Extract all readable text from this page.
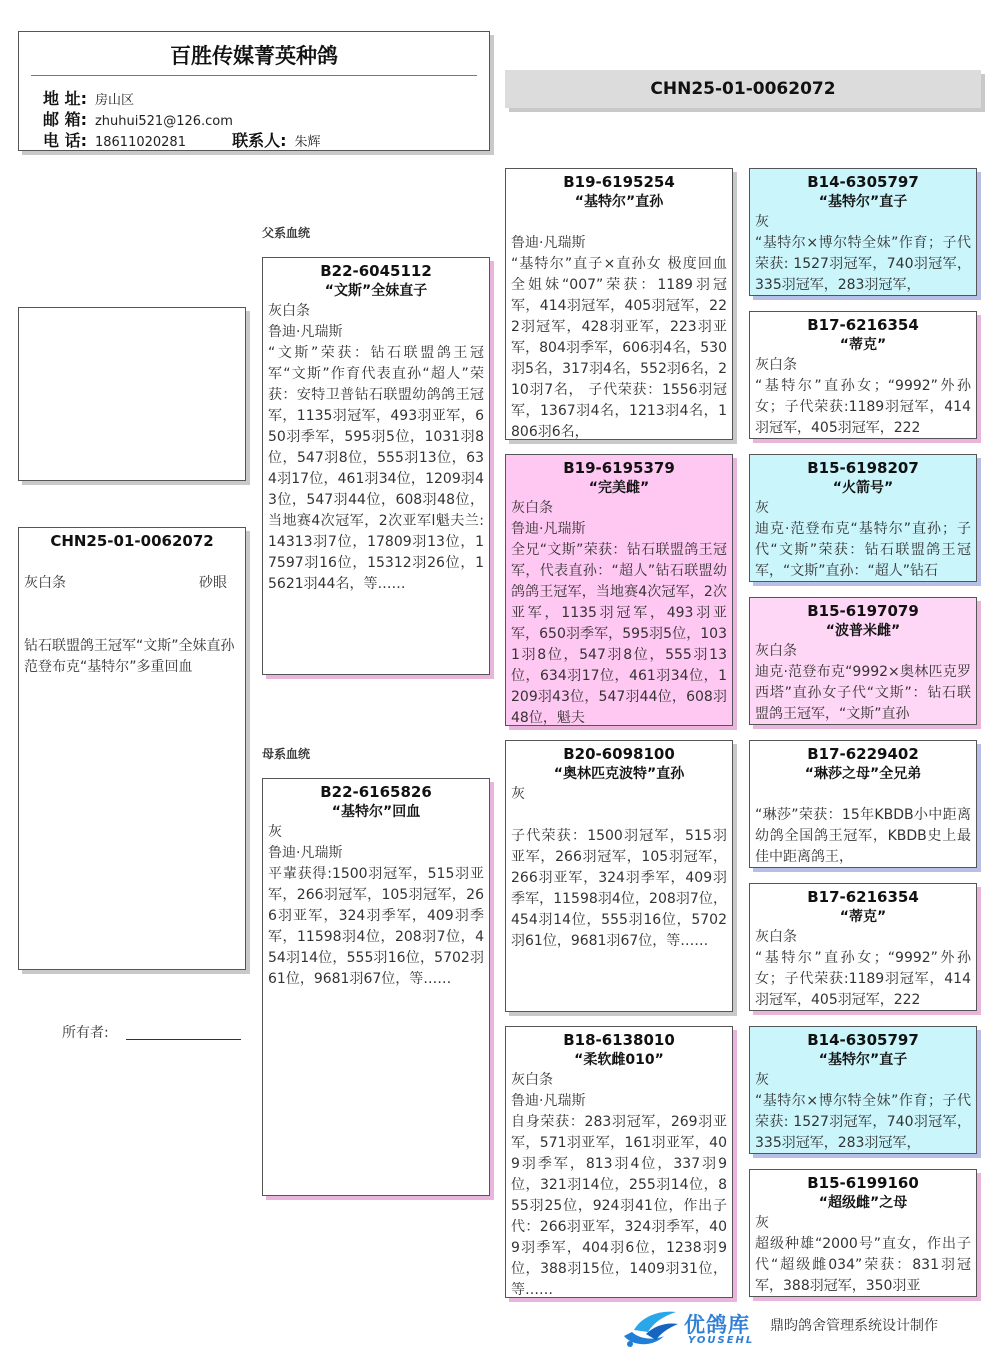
百胜传媒菁英种鸽
地 址: 房山区
邮 箱: zhuhui521@126.com
电 话: 18611020281	联系人: 朱辉
CHN25-01-0062072
CHN25-01-0062072
灰白条	砂眼
钻石联盟鸽王冠军“文斯”全妹直孙
范登布克“基特尔”多重回血
所有者:
父系血统
母系血统
B22-6045112
“文斯”全妹直子
灰白条
鲁迪·凡瑞斯
“文斯”荣获：钻石联盟鸽王冠军“文斯”作育代表直孙“超人”荣获：安特卫普钻石联盟幼鸽鸽王冠军，1135羽冠军，493羽亚军，650羽季军，595羽5位，1031羽8位，547羽8位，555羽13位，634羽17位，461羽34位，1209羽43位，547羽44位，608羽48位，当地赛4次冠军，2次亚军l魁夫兰:14313羽7位，17809羽13位，17597羽16位，15312羽26位，15621羽44名，等……
B22-6165826
“基特尔”回血
灰
鲁迪·凡瑞斯
平輩获得:1500羽冠军，515羽亚军，266羽冠军，105羽冠军，266羽亚军，324羽季军，409羽季军，11598羽4位，208羽7位，454羽14位，555羽16位，5702羽61位，9681羽67位，等……
B19-6195254
“基特尔”直孙

鲁迪·凡瑞斯
“基特尔”直子×直孙女 极度回血 全姐妹“007”荣获：1189羽冠军，414羽冠军，405羽冠军，222羽冠军，428羽亚军，223羽亚军，804羽季军，606羽4名，530羽5名，317羽4名，552羽6名，210羽7名， 子代荣获：1556羽冠军，1367羽4名，1213羽4名，1806羽6名，
B19-6195379
“完美雌”
灰白条
鲁迪·凡瑞斯
全兄“文斯”荣获：钻石联盟鸽王冠军，代表直孙：“超人”钻石联盟幼鸽鸽王冠军，当地赛4次冠军，2次亚军，1135羽冠军，493羽亚军，650羽季军，595羽5位，1031羽8位，547羽8位，555羽13位，634羽17位，461羽34位，1209羽43位，547羽44位，608羽48位，魁夫
B20-6098100
“奥林匹克波特”直孙
灰

子代荣获：1500羽冠军，515羽亚军，266羽冠军，105羽冠军，266羽亚军，324羽季军，409羽季军，11598羽4位，208羽7位，454羽14位，555羽16位，5702羽61位，9681羽67位，等……
B18-6138010
“柔软雌010”
灰白条
鲁迪·凡瑞斯
自身荣获：283羽冠军，269羽亚军，571羽亚军，161羽亚军，409羽季军，813羽4位，337羽9位，321羽14位，255羽14位，855羽25位，924羽41位，作出子代：266羽亚军，324羽季军，409羽季军，404羽6位，1238羽9位，388羽15位，1409羽31位，等……
B14-6305797
“基特尔”直子
灰
“基特尔×博尔特全妹”作育；子代荣获: 1527羽冠军，740羽冠军，335羽冠军，283羽冠军，
B17-6216354
“蒂克”
灰白条
“基特尔”直孙女；“9992”外孙女；子代荣获:1189羽冠军，414羽冠军，405羽冠军，222
B15-6198207
“火箭号”
灰
迪克·范登布克“基特尔”直孙；子代“文斯”荣获：钻石联盟鸽王冠军，“文斯”直孙：“超人”钻石
B15-6197079
“波普米雌”
灰白条
迪克·范登布克“9992×奥林匹克罗西塔”直孙女子代“文斯”：钻石联盟鸽王冠军，“文斯”直孙
B17-6229402
“琳莎之母”全兄弟

“琳莎”荣获：15年KBDB小中距离幼鸽全国鸽王冠军，KBDB史上最佳中距离鸽王，
B17-6216354
“蒂克”
灰白条
“基特尔”直孙女；“9992”外孙女；子代荣获:1189羽冠军，414羽冠军，405羽冠军，222
B14-6305797
“基特尔”直子
灰
“基特尔×博尔特全妹”作育；子代荣获: 1527羽冠军，740羽冠军，335羽冠军，283羽冠军，
B15-6199160
“超级雌”之母
灰
超级种雄“2000号”直女，作出子代“超级雌034”荣获：831羽冠军，388羽冠军，350羽亚
优鸽库
YOUSEHL
鼎昀鸽舍管理系统设计制作
